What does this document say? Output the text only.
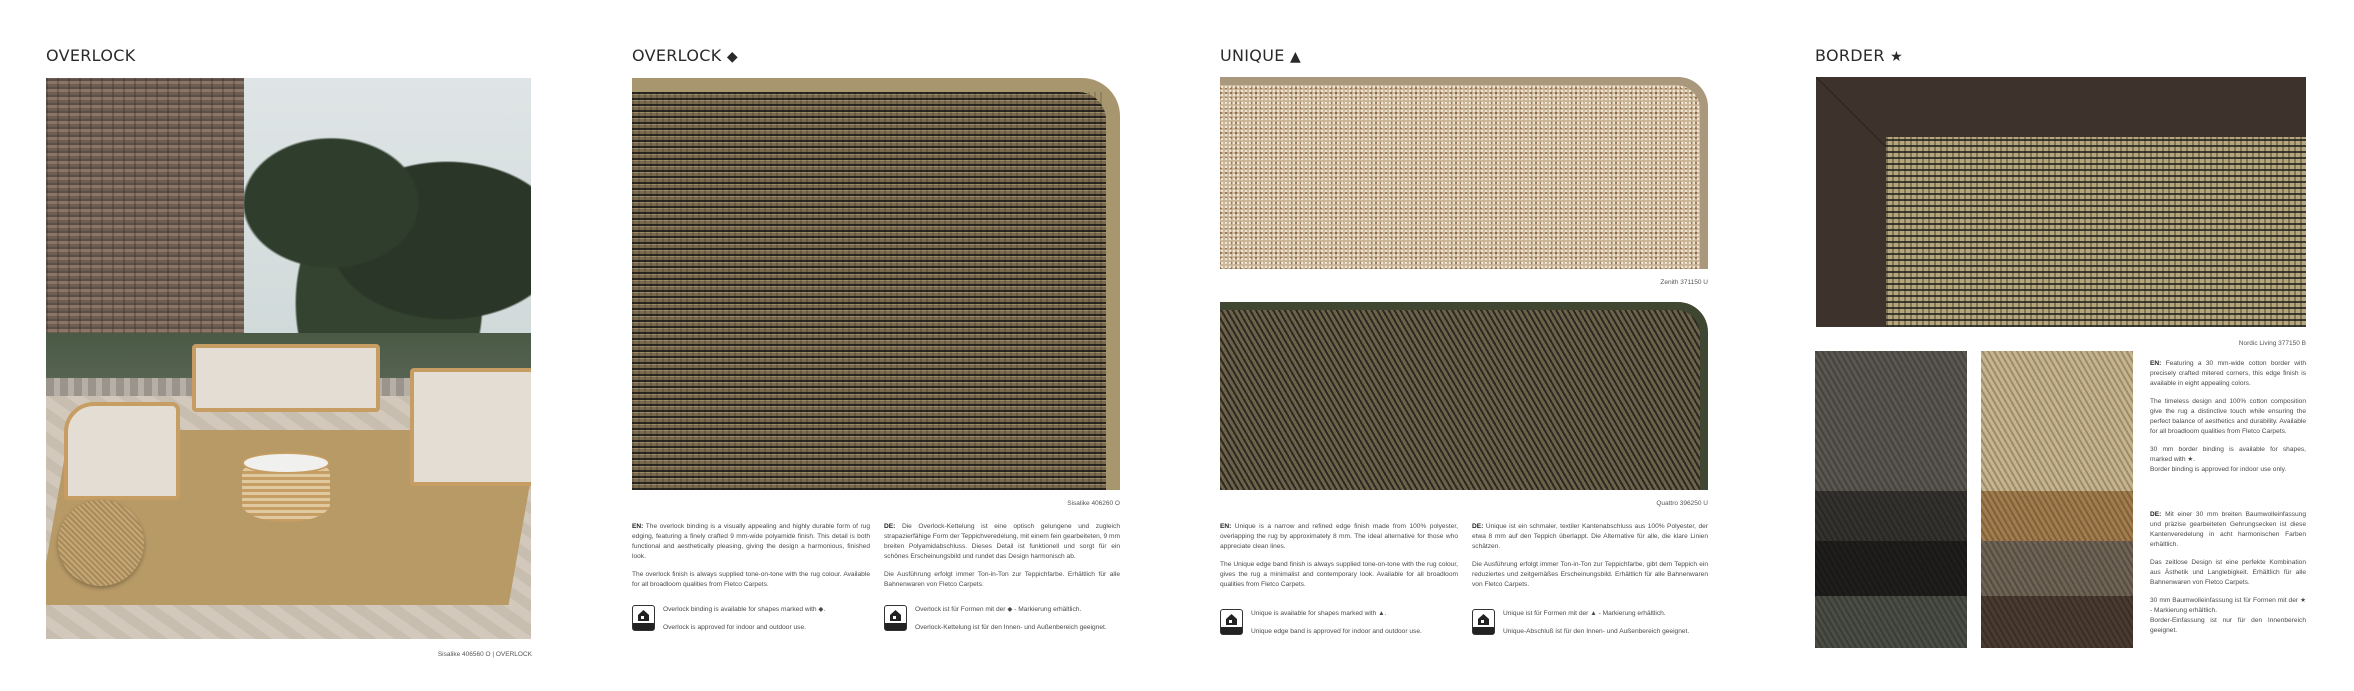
OVERLOCK
Sisalike 406560 O | OVERLOCK
OVERLOCK ◆
Sisalike 406260 O

EN: The overlock binding is a visually appealing and highly durable form of rug edging, featuring a finely crafted 9 mm-wide polyamide finish. This detail is both functional and aesthetically pleasing, giving the design a harmonious, finished look.

The overlock finish is always supplied tone-on-tone with the rug colour. Available for all broadloom qualities from Fletco Carpets.

Overlock binding is available for shapes marked with ◆.
Overlock is approved for indoor and outdoor use.

DE: Die Overlock-Kettelung ist eine optisch gelungene und zugleich strapazierfähige Form der Teppichveredelung, mit einem fein gearbeiteten, 9 mm breiten Polyamidabschluss. Dieses Detail ist funktionell und sorgt für ein schönes Erscheinungsbild und rundet das Design harmonisch ab.

Die Ausführung erfolgt immer Ton-in-Ton zur Teppichfarbe. Erhältlich für alle Bahnenwaren von Fletco Carpets.

Overlock ist für Formen mit der ◆ - Markierung erhältlich.
Overlock-Kettelung ist für den Innen- und Außenbereich geeignet.
UNIQUE ▲
Zenith 371150 U
Quattro 396250 U

EN: Unique is a narrow and refined edge finish made from 100% polyester, overlapping the rug by approximately 8 mm. The ideal alternative for those who appreciate clean lines.

The Unique edge band finish is always supplied tone-on-tone with the rug colour, gives the rug a minimalist and contemporary look. Available for all broadloom qualities from Fletco Carpets.

Unique is available for shapes marked with ▲.
Unique edge band is approved for indoor and outdoor use.

DE: Unique ist ein schmaler, textiler Kantenabschluss aus 100% Polyester, der etwa 8 mm auf den Teppich überlappt. Die Alternative für alle, die klare Linien schätzen.

Die Ausführung erfolgt immer Ton-in-Ton zur Teppichfarbe, gibt dem Teppich ein reduziertes und zeitgemäßes Erscheinungsbild. Erhältlich für alle Bahnenwaren von Fletco Carpets.

Unique ist für Formen mit der ▲ - Markierung erhältlich.
Unique-Abschluß ist für den Innen- und Außenbereich geeignet.
BORDER ★
Nordic Living 377150 B

EN: Featuring a 30 mm-wide cotton border with precisely crafted mitered corners, this edge finish is available in eight appealing colors.

The timeless design and 100% cotton composition give the rug a distinctive touch while ensuring the perfect balance of aesthetics and durability. Available for all broadloom qualities from Fletco Carpets.

30 mm border binding is available for shapes, marked with ★.

Border binding is approved for indoor use only.

DE: Mit einer 30 mm breiten Baumwolleinfassung und präzise gearbeiteten Gehrungsecken ist diese Kantenveredelung in acht harmonischen Farben erhältlich.

Das zeitlose Design ist eine perfekte Kombination aus Ästhetik und Langlebigkeit. Erhältlich für alle Bahnenwaren von Fletco Carpets.

30 mm Baumwolleinfassung ist für Formen mit der ★ - Markierung erhältlich.

Border-Einfassung ist nur für den Innenbereich geeignet.
